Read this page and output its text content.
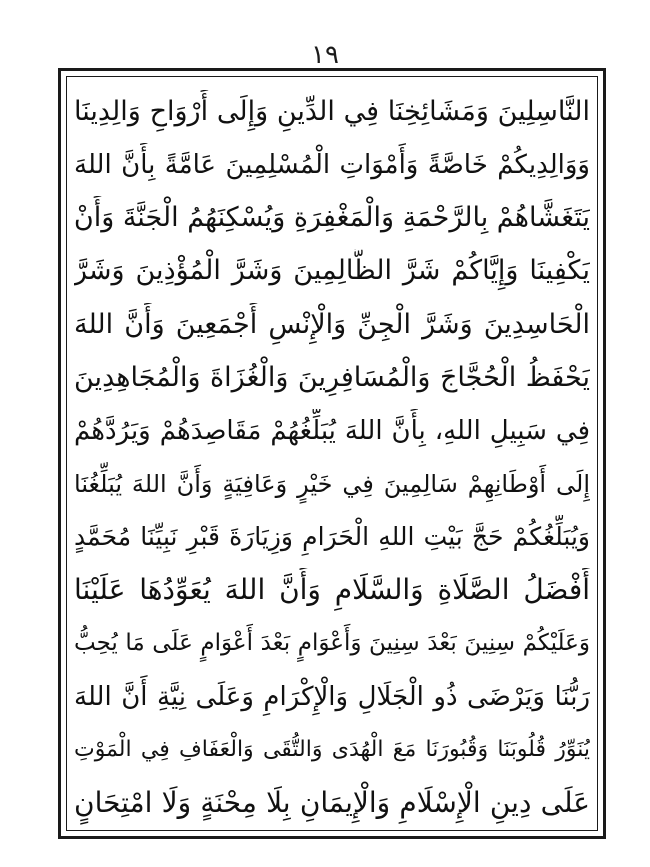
١٩
النَّاسِلِينَ وَمَشَائِخِنَا فِي الدِّينِ وَإِلَى أَرْوَاحِ وَالِدِينَا
وَوَالِدِيكُمْ خَاصَّةً وَأَمْوَاتِ الْمُسْلِمِينَ عَامَّةً بِأَنَّ اللهَ
يَتَغَشَّاهُمْ بِالرَّحْمَةِ وَالْمَغْفِرَةِ وَيُسْكِنَهُمُ الْجَنَّةَ وَأَنْ
يَكْفِينَا وَإِيَّاكُمْ شَرَّ الظَّالِمِينَ وَشَرَّ الْمُؤْذِينَ وَشَرَّ
الْحَاسِدِينَ وَشَرَّ الْجِنِّ وَالْإِنْسِ أَجْمَعِينَ وَأَنَّ اللهَ
يَحْفَظُ الْحُجَّاجَ وَالْمُسَافِرِينَ وَالْغُزَاةَ وَالْمُجَاهِدِينَ
فِي سَبِيلِ اللهِ، بِأَنَّ اللهَ يُبَلِّغُهُمْ مَقَاصِدَهُمْ وَيَرُدَّهُمْ
إِلَى أَوْطَانِهِمْ سَالِمِينَ فِي خَيْرٍ وَعَافِيَةٍ وَأَنَّ اللهَ يُبَلِّغُنَا
وَيُبَلِّغُكُمْ حَجَّ بَيْتِ اللهِ الْحَرَامِ وَزِيَارَةَ قَبْرِ نَبِيِّنَا مُحَمَّدٍ
أَفْضَلُ الصَّلَاةِ وَالسَّلَامِ وَأَنَّ اللهَ يُعَوِّدُهَا عَلَيْنَا
وَعَلَيْكُمْ سِنِينَ بَعْدَ سِنِينَ وَأَعْوَامٍ بَعْدَ أَعْوَامٍ عَلَى مَا يُحِبُّ
رَبُّنَا وَيَرْضَى ذُو الْجَلَالِ وَالْإِكْرَامِ وَعَلَى نِيَّةِ أَنَّ اللهَ
يُنَوِّرُ قُلُوبَنَا وَقُبُورَنَا مَعَ الْهُدَى وَالتُّقَى وَالْعَفَافِ فِي الْمَوْتِ
عَلَى دِينِ الْإِسْلَامِ وَالْإِيمَانِ بِلَا مِحْنَةٍ وَلَا امْتِحَانٍ
